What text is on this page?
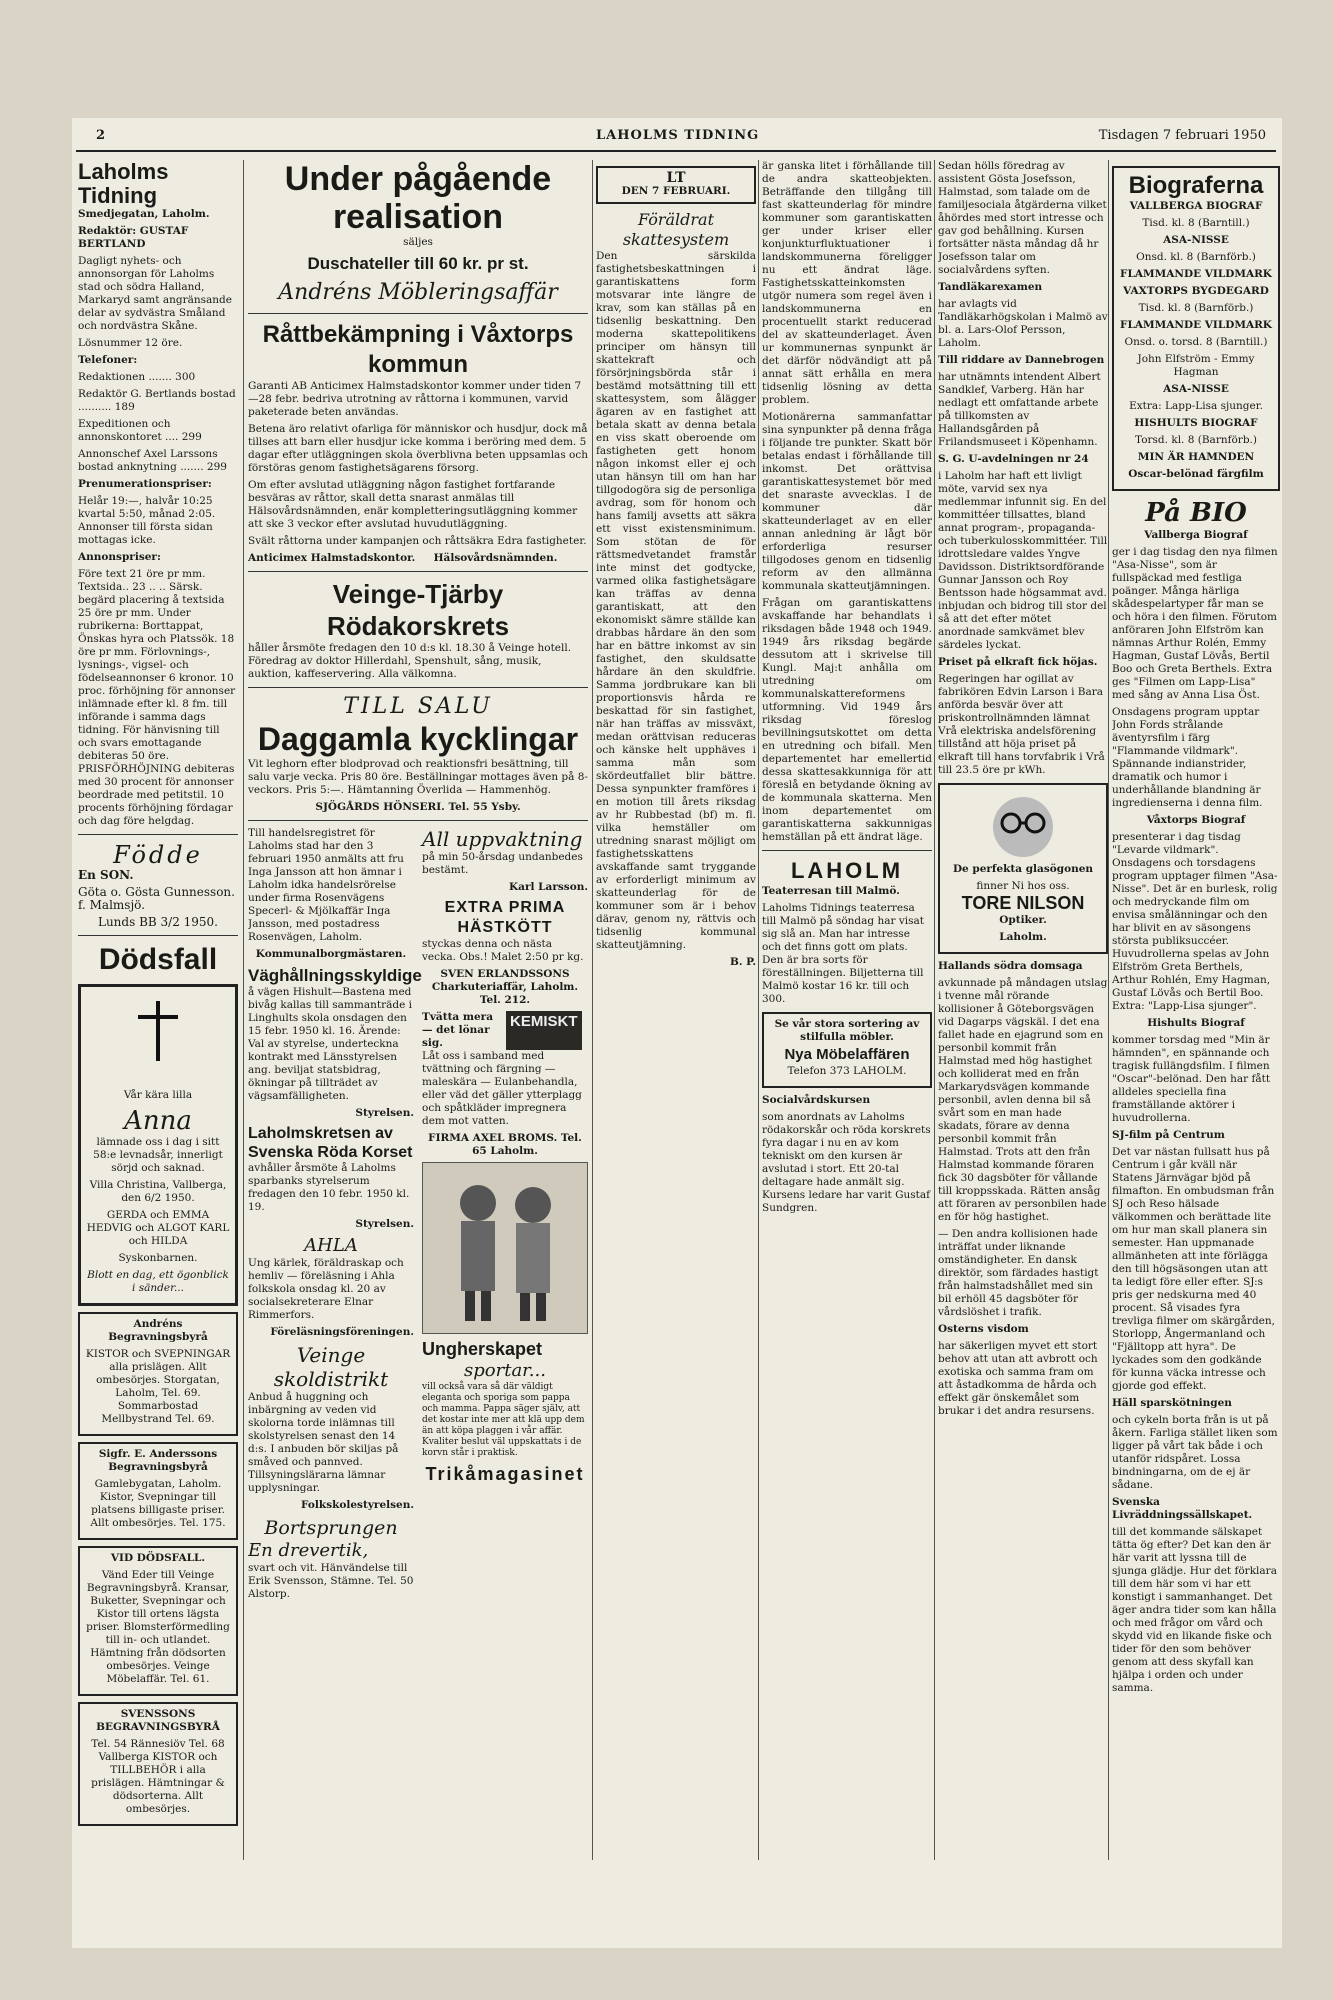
2	LAHOLMS TIDNING	Tisdagen 7 februari 1950
Laholms Tidning

Smedjegatan, Laholm.

Redaktör: GUSTAF BERTLAND

Dagligt nyhets- och annonsorgan för Laholms stad och södra Halland, Markaryd samt angränsande delar av sydvästra Småland och nordvästra Skåne.

Lösnummer 12 öre.

Telefoner:

Redaktionen ....... 300

Redaktör G. Bertlands bostad .......... 189

Expeditionen och annonskontoret .... 299

Annonschef Axel Larssons bostad anknytning ....... 299

Prenumerationspriser:

Helår 19:—, halvår 10:25 kvartal 5:50, månad 2:05. Annonser till första sidan mottagas icke.

Annonspriser:

Före text 21 öre pr mm. Textsida.. 23 .. .. Särsk. begärd placering å textsida 25 öre pr mm. Under rubrikerna: Borttappat, Önskas hyra och Platssök. 18 öre pr mm. Förlovnings-, lysnings-, vigsel- och födelseannonser 6 kronor. 10 proc. förhöjning för annonser inlämnade efter kl. 8 fm. till införande i samma dags tidning. För hänvisning till och svars emottagande debiteras 50 öre. PRISFÖRHÖJNING debiteras med 30 procent för annonser beordrade med petitstil. 10 procents förhöjning fördagar och dag före helgdag.

Födde

En SON.

Göta o. Gösta Gunnesson. f. Malmsjö.

Lunds BB 3/2 1950.

Dödsfall

Vår kära lilla

Anna

lämnade oss i dag i sitt 58:e levnadsår, innerligt sörjd och saknad.

Villa Christina, Vallberga, den 6/2 1950.

GERDA och EMMA HEDVIG och ALGOT KARL och HILDA

Syskonbarnen.

Blott en dag, ett ögonblick i sänder...

Andréns Begravningsbyrå

KISTOR och SVEPNINGAR alla prislägen. Allt ombesörjes. Storgatan, Laholm, Tel. 69. Sommarbostad Mellbystrand Tel. 69.

Sigfr. E. Anderssons Begravningsbyrå

Gamlebygatan, Laholm. Kistor, Svepningar till platsens billigaste priser. Allt ombesörjes. Tel. 175.

VID DÖDSFALL.

Vänd Eder till Veinge Begravningsbyrå. Kransar, Buketter, Svepningar och Kistor till ortens lägsta priser. Blomsterförmedling till in- och utlandet. Hämtning från dödsorten ombesörjes. Veinge Möbelaffär. Tel. 61.

SVENSSONS BEGRAVNINGSBYRÅ

Tel. 54 Rännesiöv Tel. 68 Vallberga KISTOR och TILLBEHÖR i alla prislägen. Hämtningar & dödsorterna. Allt ombesörjes.

Under pågående realisation

säljes

Duschateller till 60 kr. pr st.

Andréns Möbleringsaffär

Råttbekämpning i Våxtorps kommun

Garanti AB Anticimex Halmstadskontor kommer under tiden 7—28 febr. bedriva utrotning av råttorna i kommunen, varvid paketerade beten användas.

Betena äro relativt ofarliga för människor och husdjur, dock må tillses att barn eller husdjur icke komma i beröring med dem. 5 dagar efter utläggningen skola överblivna beten uppsamlas och förstöras genom fastighetsägarens försorg.

Om efter avslutad utläggning någon fastighet fortfarande besväras av råttor, skall detta snarast anmälas till Hälsovårdsnämnden, enär kompletteringsutläggning kommer att ske 3 veckor efter avslutad huvudutläggning.

Svält råttorna under kampanjen och råttsäkra Edra fastigheter.

Anticimex Halmstadskontor. Hälsovårdsnämnden.

Veinge-Tjärby Rödakorskrets

håller årsmöte fredagen den 10 d:s kl. 18.30 å Veinge hotell. Föredrag av doktor Hillerdahl, Spenshult, sång, musik, auktion, kaffeservering. Alla välkomna.

TILL SALU
Daggamla kycklingar

Vit leghorn efter blodprovad och reaktionsfri besättning, till salu varje vecka. Pris 80 öre. Beställningar mottages även på 8-veckors. Pris 5:—. Hämtanning Överlida — Hammenhög.

SJÖGÅRDS HÖNSERI. Tel. 55 Ysby.

Till handelsregistret för Laholms stad har den 3 februari 1950 anmälts att fru Inga Jansson att hon ämnar i Laholm idka handelsrörelse under firma Rosenvägens Specerl- & Mjölkaffär Inga Jansson, med postadress Rosenvägen, Laholm.

Kommunalborgmästaren.

Väghållningsskyldige

å vägen Hishult—Bastena med bivåg kallas till sammanträde i Linghults skola onsdagen den 15 febr. 1950 kl. 16. Ärende: Val av styrelse, underteckna kontrakt med Länsstyrelsen ang. beviljat statsbidrag, ökningar på tillträdet av vägsamfälligheten.

Styrelsen.

Laholmskretsen av Svenska Röda Korset

avhåller årsmöte å Laholms sparbanks styrelserum fredagen den 10 febr. 1950 kl. 19.

Styrelsen.

AHLA

Ung kärlek, föräldraskap och hemliv — föreläsning i Ahla folkskola onsdag kl. 20 av socialsekreterare Elnar Rimmerfors.

Föreläsningsföreningen.

Veinge skoldistrikt

Anbud å huggning och inbärgning av veden vid skolorna torde inlämnas till skolstyrelsen senast den 14 d:s. I anbuden bör skiljas på småved och pannved. Tillsyningslärarna lämnar upplysningar.

Folkskolestyrelsen.

Bortsprungen
En drevertik,

svart och vit. Hänvändelse till Erik Svensson, Stämne. Tel. 50 Alstorp.

All uppvaktning

på min 50-årsdag undanbedes bestämt.

Karl Larsson.

EXTRA PRIMA HÄSTKÖTT

styckas denna och nästa vecka. Obs.! Malet 2:50 pr kg.

SVEN ERLANDSSONS Charkuteriaffär, Laholm. Tel. 212.

Tvätta mera — det lönar sig.
KEMISKT

Låt oss i samband med tvättning och färgning — maleskära — Eulanbehandla, eller väd det gäller ytterplagg och spåtkläder impregnera dem mot vatten.

FIRMA AXEL BROMS. Tel. 65 Laholm.

Ungherskapet
sportar...

vill också vara så där väldigt eleganta och sporiga som pappa och mamma. Pappa säger själv, att det kostar inte mer att klä upp dem än att köpa plaggen i vår affär. Kvaliter beslut väl uppskattats i de korvn står i praktisk.

Trikåmagasinet
LT
DEN 7 FEBRUARI.
Föräldrat skattesystem

Den särskilda fastighetsbeskattningen i garantiskattens form motsvarar inte längre de krav, som kan ställas på en tidsenlig beskattning. Den moderna skattepolitikens principer om hänsyn till skattekraft och försörjningsbörda står i bestämd motsättning till ett skattesystem, som ålägger ägaren av en fastighet att betala skatt av denna betala en viss skatt oberoende om fastigheten gett honom någon inkomst eller ej och utan hänsyn till om han har tillgodogöra sig de personliga avdrag, som för honom och hans familj avsetts att säkra ett visst existensminimum. Som stötan de för rättsmedvetandet framstår inte minst det godtycke, varmed olika fastighetsägare kan träffas av denna garantiskatt, att den ekonomiskt sämre ställde kan drabbas hårdare än den som har en bättre inkomst av sin fastighet, den skuldsatte hårdare än den skuldfrie. Samma jordbrukare kan bli proportionsvis hårda re beskattad för sin fastighet, när han träffas av missväxt, medan orättvisan reduceras och känske helt upphäves i samma mån som skördeutfallet blir bättre. Dessa synpunkter framföres i en motion till årets riksdag av hr Rubbestad (bf) m. fl. vilka hemställer om utredning snarast möjligt om fastighetsskattens avskaffande samt tryggande av erforderligt minimum av skatteunderlag för de kommuner som är i behov därav, genom ny, rättvis och tidsenlig kommunal skatteutjämning.

B. P.

är ganska litet i förhållande till de andra skatteobjekten. Beträffande den tillgång till fast skatteunderlag för mindre kommuner som garantiskatten ger under kriser eller konjunkturfluktuationer i landskommunerna föreligger nu ett ändrat läge. Fastighetsskatteinkomsten utgör numera som regel även i landskommunerna en procentuellt starkt reducerad del av skatteunderlaget. Även ur kommunernas synpunkt är det därför nödvändigt att på annat sätt erhålla en mera tidsenlig lösning av detta problem.

Motionärerna sammanfattar sina synpunkter på denna fråga i följande tre punkter. Skatt bör betalas endast i förhållande till inkomst. Det orättvisa garantiskattesystemet bör med det snaraste avvecklas. I de kommuner där skatteunderlaget av en eller annan anledning är lågt bör erforderliga resurser tillgodoses genom en tidsenlig reform av den allmänna kommunala skatteutjämningen.

Frågan om garantiskattens avskaffande har behandlats i riksdagen både 1948 och 1949. 1949 års riksdag begärde dessutom att i skrivelse till Kungl. Maj:t anhålla om utredning om kommunalskattereformens utformning. Vid 1949 års riksdag föreslog bevillningsutskottet om detta en utredning och bifall. Men departementet har emellertid dessa skattesakkunniga för att föreslå en betydande ökning av de kommunala skatterna. Men inom departementet om garantiskatterna sakkunnigas hemställan på ett ändrat läge.

LAHOLM

Teaterresan till Malmö.

Laholms Tidnings teaterresa till Malmö på söndag har visat sig slå an. Man har intresse och det finns gott om plats. Den är bra sorts för föreställningen. Biljetterna till Malmö kostar 16 kr. till och 300.

Se vår stora sortering av stilfulla möbler.

Nya Möbelaffären

Telefon 373 LAHOLM.

Socialvårdskursen

som anordnats av Laholms rödakorskår och röda korskrets fyra dagar i nu en av kom tekniskt om den kursen är avslutad i stort. Ett 20-tal deltagare hade anmält sig. Kursens ledare har varit Gustaf Sundgren.

Sedan hölls föredrag av assistent Gösta Josefsson, Halmstad, som talade om de familjesociala åtgärderna vilket åhördes med stort intresse och gav god behållning. Kursen fortsätter nästa måndag då hr Josefsson talar om socialvårdens syften.

Tandläkarexamen

har avlagts vid Tandläkarhögskolan i Malmö av bl. a. Lars-Olof Persson, Laholm.

Till riddare av Dannebrogen

har utnämnts intendent Albert Sandklef, Varberg. Hän har nedlagt ett omfattande arbete på tillkomsten av Hallandsgården på Frilandsmuseet i Köpenhamn.

S. G. U-avdelningen nr 24

i Laholm har haft ett livligt möte, varvid sex nya medlemmar infunnit sig. En del kommittéer tillsattes, bland annat program-, propaganda- och tuberkulosskommittéer. Till idrottsledare valdes Yngve Davidsson. Distriktsordförande Gunnar Jansson och Roy Bentsson hade högsammat avd. inbjudan och bidrog till stor del så att det efter mötet anordnade samkvämet blev särdeles lyckat.

Priset på elkraft fick höjas.

Regeringen har ogillat av fabrikören Edvin Larson i Bara anförda besvär över att priskontrollnämnden lämnat Vrå elektriska andelsförening tillstånd att höja priset på elkraft till hans torvfabrik i Vrå till 23.5 öre pr kWh.

De perfekta glasögonen

finner Ni hos oss.

TORE NILSON

Optiker.

Laholm.

Hallands södra domsaga

avkunnade på måndagen utslag i tvenne mål rörande kollisioner å Göteborgsvägen vid Dagarps vägskäl. I det ena fallet hade en ejagrund som en personbil kommit från Halmstad med hög hastighet och kolliderat med en från Markarydsvägen kommande personbil, avlen denna bil så svårt som en man hade skadats, förare av denna personbil kommit från Halmstad. Trots att den från Halmstad kommande föraren fick 30 dagsböter för vållande till kroppsskada. Rätten ansåg att föraren av personbilen hade en för hög hastighet.

— Den andra kollisionen hade inträffat under liknande omständigheter. En dansk direktör, som färdades hastigt från halmstadshållet med sin bil erhöll 45 dagsböter för vårdslöshet i trafik.

Osterns visdom

har säkerligen myvet ett stort behov att utan att avbrott och exotiska och samma fram om att åstadkomma de hårda och effekt gär önskemålet som brukar i det andra resursens.

Biograferna

VALLBERGA BIOGRAF

Tisd. kl. 8 (Barntill.)

ASA-NISSE

Onsd. kl. 8 (Barnförb.)

FLAMMANDE VILDMARK

VAXTORPS BYGDEGARD

Tisd. kl. 8 (Barnförb.)

FLAMMANDE VILDMARK

Onsd. o. torsd. 8 (Barntill.)

John Elfström - Emmy Hagman

ASA-NISSE

Extra: Lapp-Lisa sjunger.

HISHULTS BIOGRAF

Torsd. kl. 8 (Barnförb.)

MIN ÄR HAMNDEN

Oscar-belönad färgfilm

På BIO

Vallberga Biograf

ger i dag tisdag den nya filmen "Asa-Nisse", som är fullspäckad med festliga poänger. Många härliga skådespelartyper får man se och höra i den filmen. Förutom anföraren John Elfström kan nämnas Arthur Rolén, Emmy Hagman, Gustaf Lövås, Bertil Boo och Greta Berthels. Extra ges "Filmen om Lapp-Lisa" med sång av Anna Lisa Öst.

Onsdagens program upptar John Fords strålande äventyrsfilm i färg "Flammande vildmark". Spännande indianstrider, dramatik och humor i underhållande blandning är ingredienserna i denna film.

Våxtorps Biograf

presenterar i dag tisdag "Levarde vildmark". Onsdagens och torsdagens program upptager filmen "Asa-Nisse". Det är en burlesk, rolig och medryckande film om envisa smålänningar och den har blivit en av säsongens största publiksuccéer. Huvudrollerna spelas av John Elfström Greta Berthels, Arthur Rohlén, Emy Hagman, Gustaf Lövås och Bertil Boo. Extra: "Lapp-Lisa sjunger".

Hishults Biograf

kommer torsdag med "Min är hämnden", en spännande och tragisk fullängdsfilm. I filmen "Oscar"-belönad. Den har fått alldeles speciella fina framställande aktörer i huvudrollerna.

SJ-film på Centrum

Det var nästan fullsatt hus på Centrum i går kväll när Statens Järnvägar bjöd på filmafton. En ombudsman från SJ och Reso hälsade välkommen och berättade lite om hur man skall planera sin semester. Han uppmanade allmänheten att inte förlägga den till högsäsongen utan att ta ledigt före eller efter. SJ:s pris ger nedskurna med 40 procent. Så visades fyra trevliga filmer om skärgården, Storlopp, Ångermanland och "Fjälltopp att hyra". De lyckades som den godkände för kunna väcka intresse och gjorde god effekt.

Häll sparskötningen

och cykeln borta från is ut på åkern. Farliga stället liken som ligger på vårt tak både i och utanför ridspåret. Lossa bindningarna, om de ej är sådane.

Svenska Livräddningssällskapet.

till det kommande sälskapet tätta ög efter? Det kan den är här varit att lyssna till de sjunga glädje. Hur det förklara till dem här som vi har ett konstigt i sammanhanget. Det äger andra tider som kan hålla och med frågor om vård och skydd vid en likande fiske och tider för den som behöver genom att dess skyfall kan hjälpa i orden och under samma.
